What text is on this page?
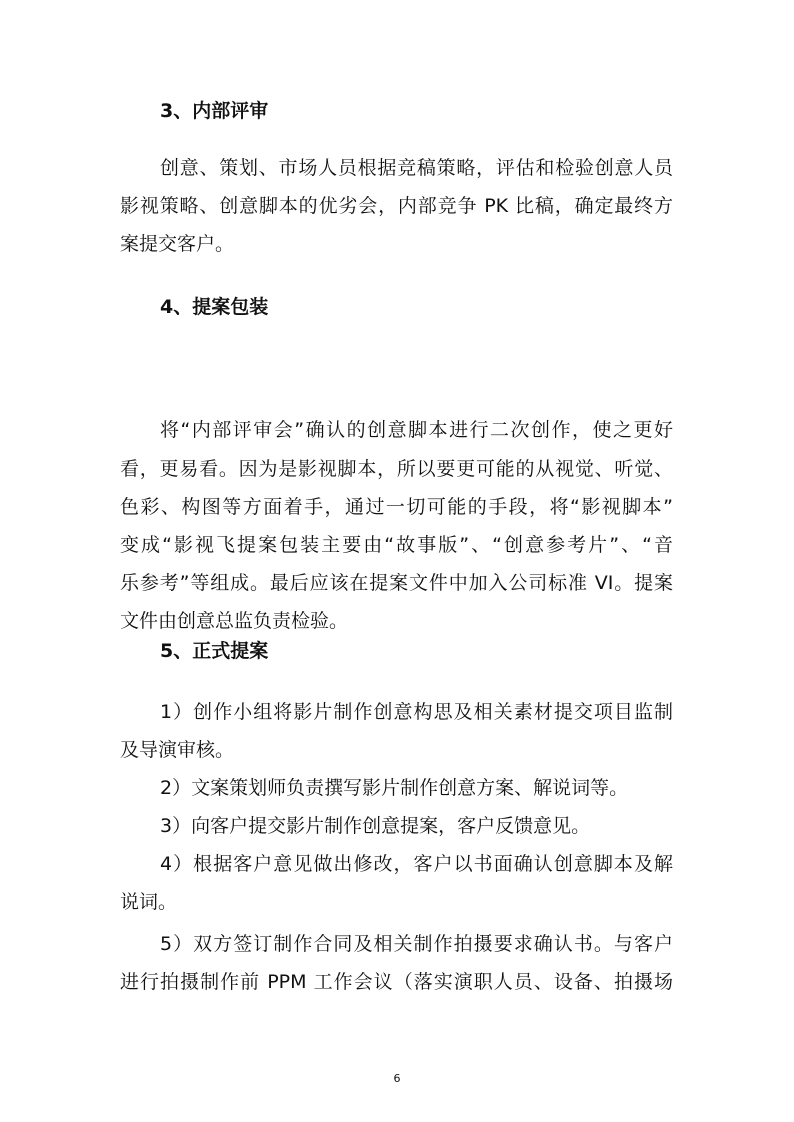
3、内部评审
创意、策划、市场人员根据竞稿策略，评估和检验创意人员
影视策略、创意脚本的优劣会，内部竞争 PK 比稿，确定最终方
案提交客户。
4、提案包装
将“内部评审会”确认的创意脚本进行二次创作，使之更好
看，更易看。因为是影视脚本，所以要更可能的从视觉、听觉、
色彩、构图等方面着手，通过一切可能的手段，将“影视脚本”
变成“影视飞提案包装主要由“故事版”、“创意参考片”、“音
乐参考”等组成。最后应该在提案文件中加入公司标准 VI。提案
文件由创意总监负责检验。
5、正式提案
1）创作小组将影片制作创意构思及相关素材提交项目监制
及导演审核。
2）文案策划师负责撰写影片制作创意方案、解说词等。
3）向客户提交影片制作创意提案，客户反馈意见。
4）根据客户意见做出修改，客户以书面确认创意脚本及解
说词。
5）双方签订制作合同及相关制作拍摄要求确认书。与客户
进行拍摄制作前 PPM 工作会议（落实演职人员、设备、拍摄场
6
